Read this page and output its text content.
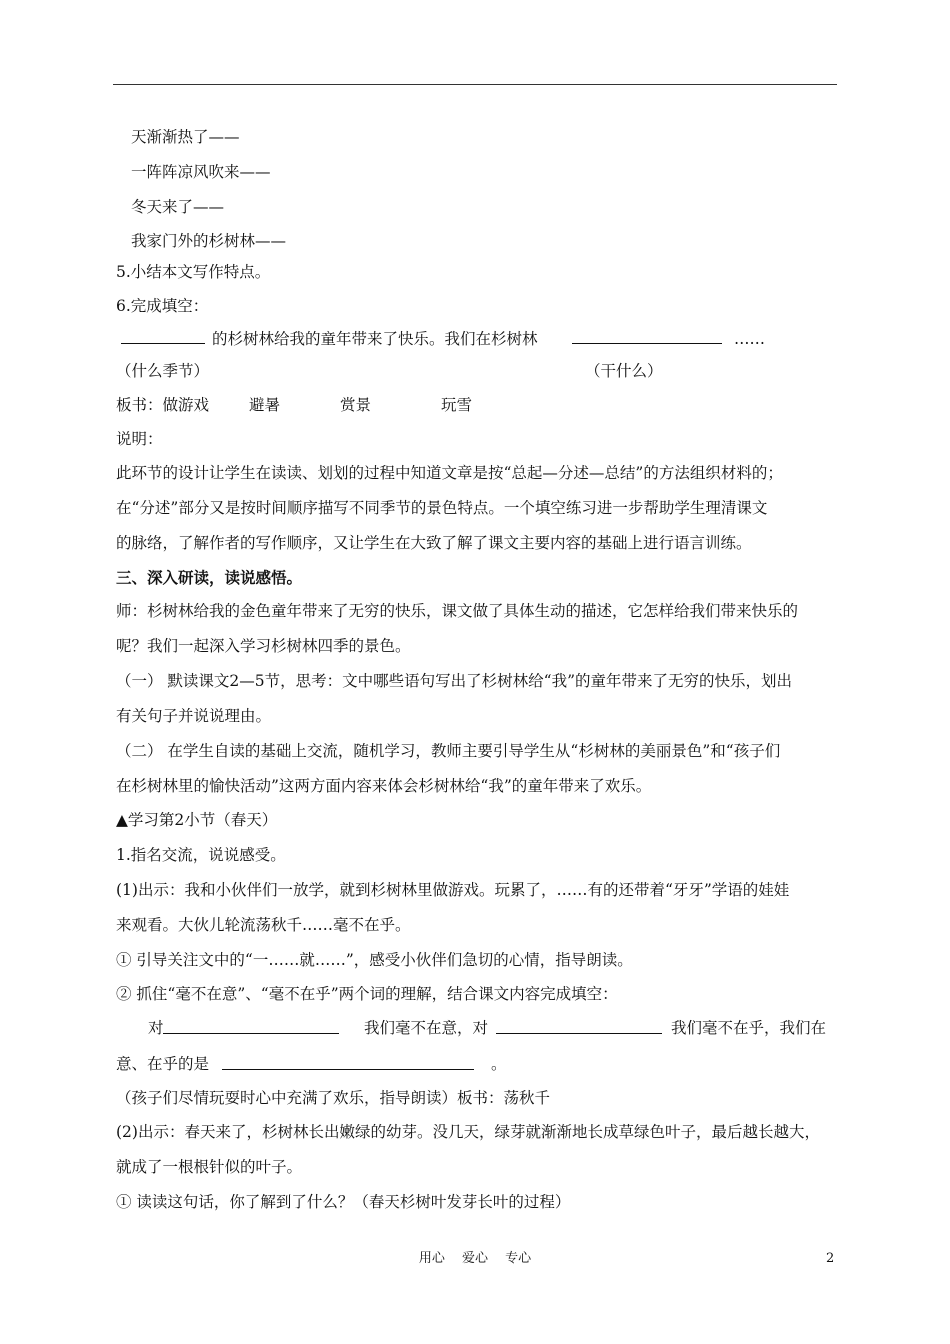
天渐渐热了——
一阵阵凉风吹来——
冬天来了——
我家门外的杉树林——
5.小结本文写作特点。
6.完成填空：
的杉树林给我的童年带来了快乐。我们在杉树林	……
（什么季节）	（干什么）
板书：做游戏	避暑	赏景	玩雪
说明：
此环节的设计让学生在读读、划划的过程中知道文章是按“总起—分述—总结”的方法组织材料的；
在“分述”部分又是按时间顺序描写不同季节的景色特点。一个填空练习进一步帮助学生理清课文
的脉络，了解作者的写作顺序，又让学生在大致了解了课文主要内容的基础上进行语言训练。
三、深入研读，读说感悟。
师：杉树林给我的金色童年带来了无穷的快乐，课文做了具体生动的描述，它怎样给我们带来快乐的
呢？我们一起深入学习杉树林四季的景色。
（一） 默读课文2—5节，思考：文中哪些语句写出了杉树林给“我”的童年带来了无穷的快乐，划出
有关句子并说说理由。
（二） 在学生自读的基础上交流，随机学习，教师主要引导学生从“杉树林的美丽景色”和“孩子们
在杉树林里的愉快活动”这两方面内容来体会杉树林给“我”的童年带来了欢乐。
▲学习第2小节（春天）
1.指名交流，说说感受。
(1)出示：我和小伙伴们一放学，就到杉树林里做游戏。玩累了，……有的还带着“牙牙”学语的娃娃
来观看。大伙儿轮流荡秋千……毫不在乎。
① 引导关注文中的“一……就……”，感受小伙伴们急切的心情，指导朗读。
② 抓住“毫不在意”、“毫不在乎”两个词的理解，结合课文内容完成填空：
对	我们毫不在意，对	我们毫不在乎，我们在
意、在乎的是	。
（孩子们尽情玩耍时心中充满了欢乐，指导朗读）板书：荡秋千
(2)出示：春天来了，杉树林长出嫩绿的幼芽。没几天，绿芽就渐渐地长成草绿色叶子，最后越长越大，
就成了一根根针似的叶子。
① 读读这句话，你了解到了什么？（春天杉树叶发芽长叶的过程）
用心　 爱心　 专心	2
